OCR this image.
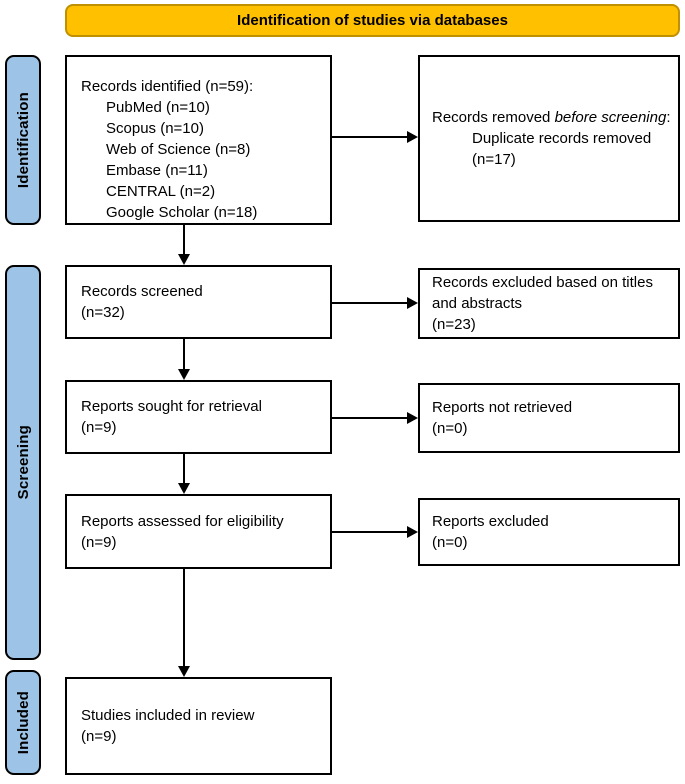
Identification of studies via databases
Identification
Screening
Included
Records identified (n=59):
PubMed (n=10)
Scopus (n=10)
Web of Science (n=8)
Embase (n=11)
CENTRAL (n=2)
Google Scholar (n=18)
Records removed before screening:
Duplicate records removed (n=17)
Records screened
(n=32)
Records excluded based on titles and abstracts
(n=23)
Reports sought for retrieval
(n=9)
Reports not retrieved
(n=0)
Reports assessed for eligibility
(n=9)
Reports excluded
(n=0)
Studies included in review
(n=9)
